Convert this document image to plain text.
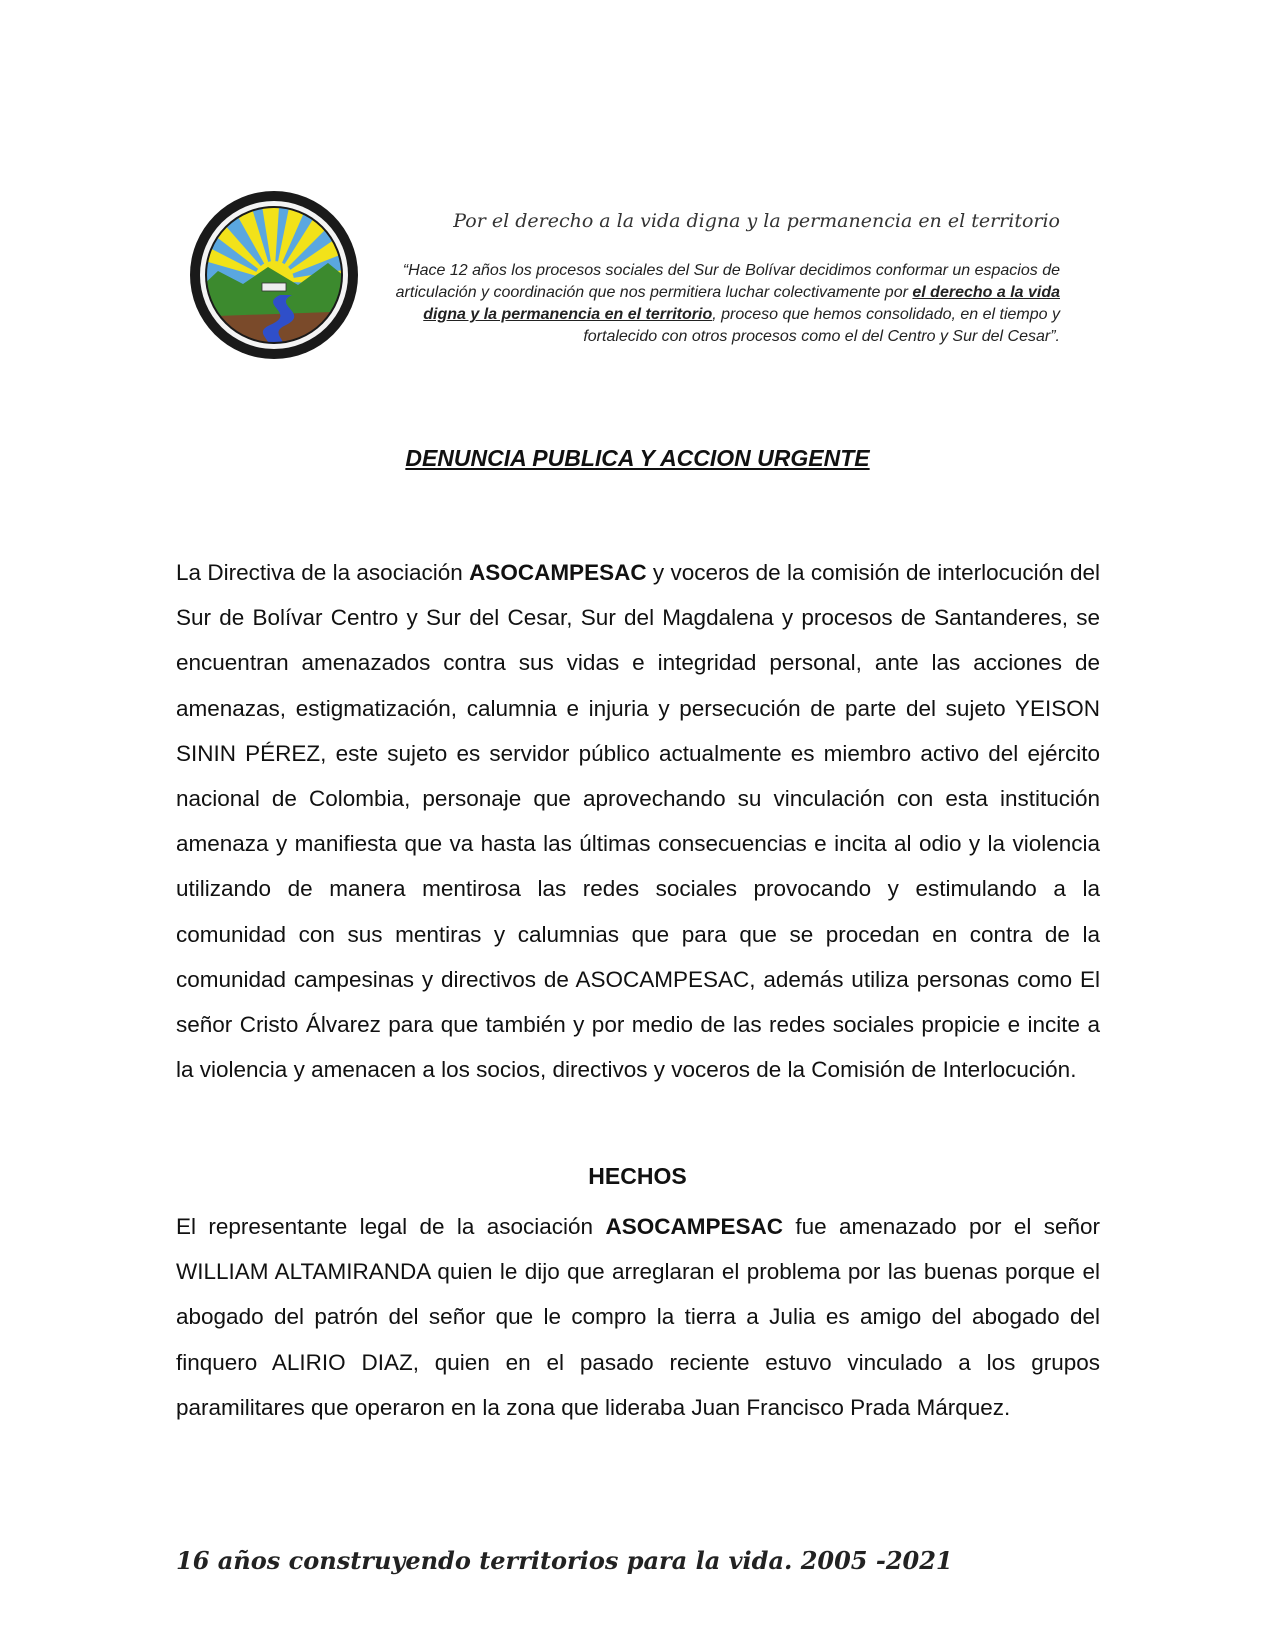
Por el derecho a la vida digna y la permanencia en el territorio
“Hace 12 años los procesos sociales del Sur de Bolívar decidimos conformar un espacios de articulación y coordinación que nos permitiera luchar colectivamente por el derecho a la vida digna y la permanencia en el territorio, proceso que hemos consolidado, en el tiempo y fortalecido con otros procesos como el del Centro y Sur del Cesar”.
DENUNCIA PUBLICA Y ACCION URGENTE

La Directiva de la asociación ASOCAMPESAC y voceros de la comisión de interlocución del Sur de Bolívar Centro y Sur del Cesar, Sur del Magdalena y procesos de Santanderes, se encuentran amenazados contra sus vidas e integridad personal, ante las acciones de amenazas, estigmatización, calumnia e injuria y persecución de parte del sujeto YEISON SININ PÉREZ, este sujeto es servidor público actualmente es miembro activo del ejército nacional de Colombia, personaje que aprovechando su vinculación con esta institución amenaza y manifiesta que va hasta las últimas consecuencias e incita al odio y la violencia utilizando de manera mentirosa las redes sociales provocando y estimulando a la comunidad con sus mentiras y calumnias que para que se procedan en contra de la comunidad campesinas y directivos de ASOCAMPESAC, además utiliza personas como El señor Cristo Álvarez para que también y por medio de las redes sociales propicie e incite a la violencia y amenacen a los socios, directivos y voceros de la Comisión de Interlocución.

HECHOS

El representante legal de la asociación ASOCAMPESAC fue amenazado por el señor WILLIAM ALTAMIRANDA quien le dijo que arreglaran el problema por las buenas porque el abogado del patrón del señor que le compro la tierra a Julia es amigo del abogado del finquero ALIRIO DIAZ, quien en el pasado reciente estuvo vinculado a los grupos paramilitares que operaron en la zona que lideraba Juan Francisco Prada Márquez.

16 años construyendo territorios para la vida. 2005 -2021
